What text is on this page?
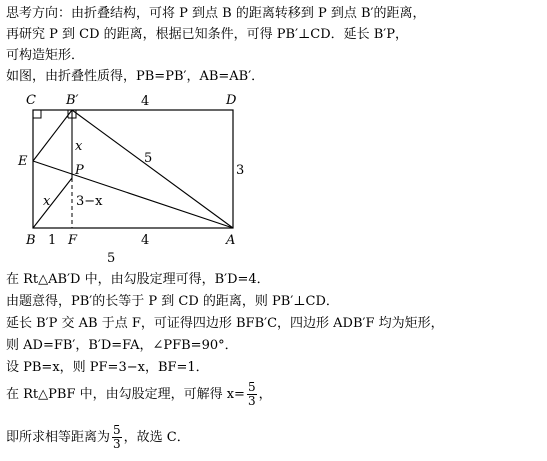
思考方向：由折叠结构，可将 P 到点 B 的距离转移到 P 到点 B′的距离，
再研究 P 到 CD 的距离，根据已知条件，可得 PB′⊥CD．延长 B′P，
可构造矩形．
如图，由折叠性质得，PB=PB′，AB=AB′．
C B′	D
E
P
B F	A
4
5
3
x
x 3−x
1	4
5
在 Rt△AB′D 中，由勾股定理可得，B′D=4．
由题意得，PB′的长等于 P 到 CD 的距离，则 PB′⊥CD．
延长 B′P 交 AB 于点 F，可证得四边形 BFB′C，四边形 ADB′F 均为矩形，
则 AD=FB′，B′D=FA，∠PFB=90°．
设 PB=x，则 PF=3−x，BF=1．
在 Rt△PBF 中，由勾股定理，可解得 $x= \frac{5}{3}$ ，
即所求相等距离为 $\frac{5}{3}$ ，故选 C．
